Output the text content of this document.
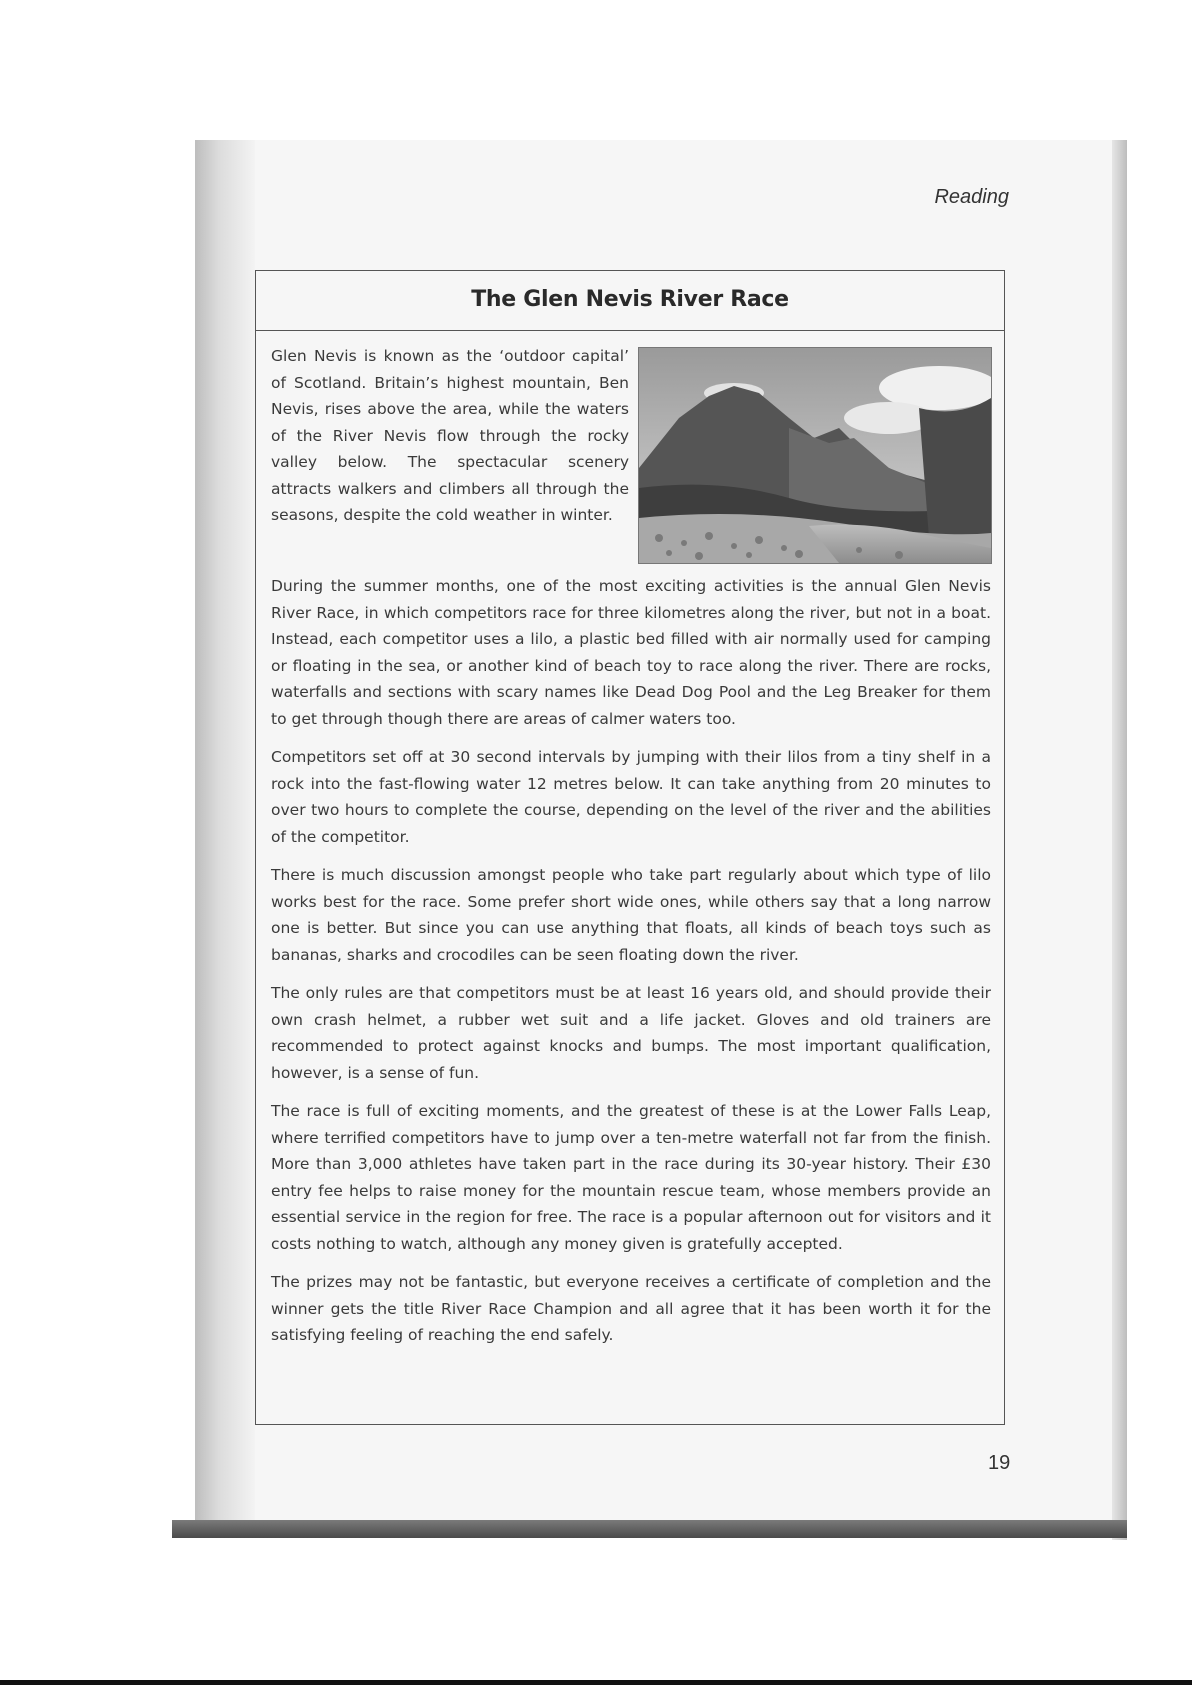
Reading
The Glen Nevis River Race

Glen Nevis is known as the ‘outdoor capital’ of Scotland. Britain’s highest mountain, Ben Nevis, rises above the area, while the waters of the River Nevis flow through the rocky valley below. The spectacular scenery attracts walkers and climbers all through the seasons, despite the cold weather in winter.

During the summer months, one of the most exciting activities is the annual Glen Nevis River Race, in which competitors race for three kilometres along the river, but not in a boat. Instead, each competitor uses a lilo, a plastic bed filled with air normally used for camping or floating in the sea, or another kind of beach toy to race along the river. There are rocks, waterfalls and sections with scary names like Dead Dog Pool and the Leg Breaker for them to get through though there are areas of calmer waters too.

Competitors set off at 30 second intervals by jumping with their lilos from a tiny shelf in a rock into the fast-flowing water 12 metres below. It can take anything from 20 minutes to over two hours to complete the course, depending on the level of the river and the abilities of the competitor.

There is much discussion amongst people who take part regularly about which type of lilo works best for the race. Some prefer short wide ones, while others say that a long narrow one is better. But since you can use anything that floats, all kinds of beach toys such as bananas, sharks and crocodiles can be seen floating down the river.

The only rules are that competitors must be at least 16 years old, and should provide their own crash helmet, a rubber wet suit and a life jacket. Gloves and old trainers are recommended to protect against knocks and bumps. The most important qualification, however, is a sense of fun.

The race is full of exciting moments, and the greatest of these is at the Lower Falls Leap, where terrified competitors have to jump over a ten-metre waterfall not far from the finish. More than 3,000 athletes have taken part in the race during its 30-year history. Their £30 entry fee helps to raise money for the mountain rescue team, whose members provide an essential service in the region for free. The race is a popular afternoon out for visitors and it costs nothing to watch, although any money given is gratefully accepted.

The prizes may not be fantastic, but everyone receives a certificate of completion and the winner gets the title River Race Champion and all agree that it has been worth it for the satisfying feeling of reaching the end safely.

19
